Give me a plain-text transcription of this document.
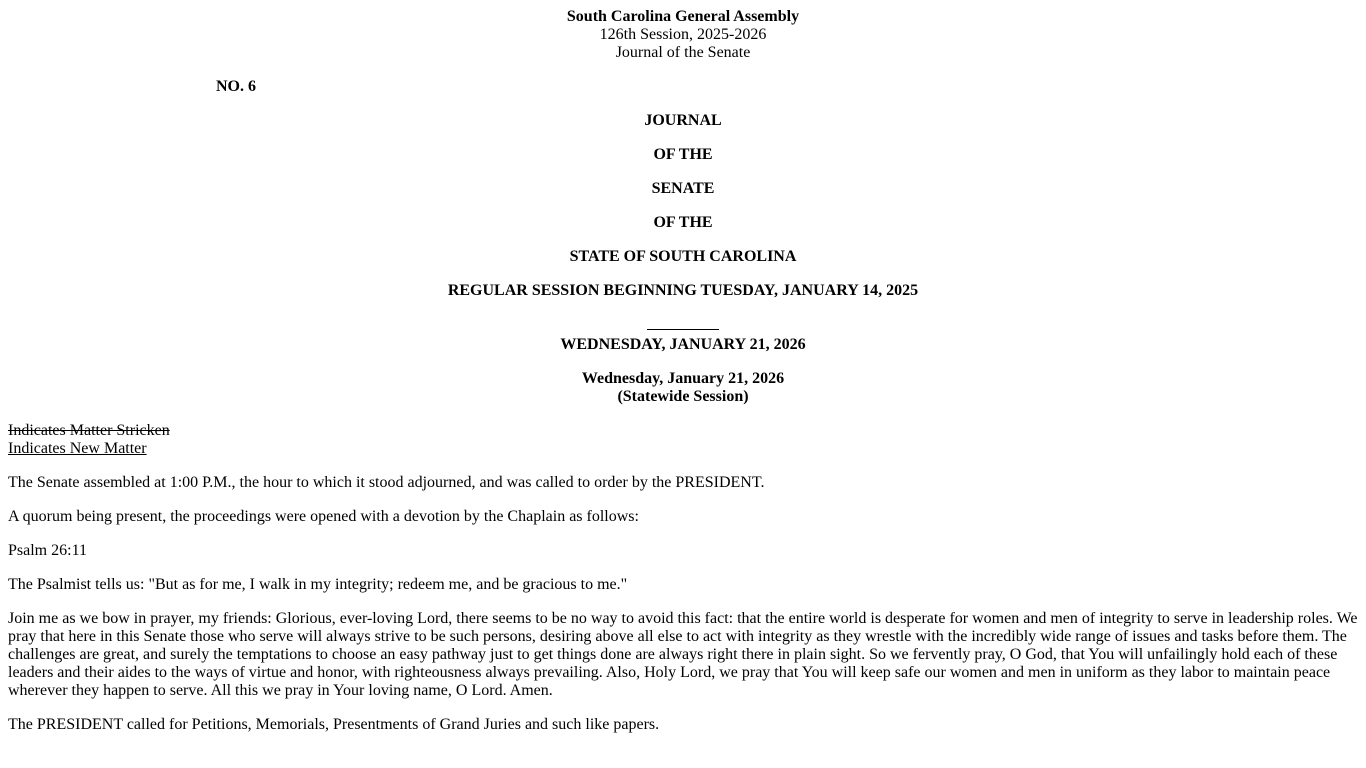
South Carolina General Assembly
126th Session, 2025-2026
Journal of the Senate
NO. 6
JOURNAL
OF THE
SENATE
OF THE
STATE OF SOUTH CAROLINA
REGULAR SESSION BEGINNING TUESDAY, JANUARY 14, 2025
WEDNESDAY, JANUARY 21, 2026
Wednesday, January 21, 2026
(Statewide Session)
Indicates Matter Stricken
Indicates New Matter

The Senate assembled at 1:00 P.M., the hour to which it stood adjourned, and was called to order by the PRESIDENT.

A quorum being present, the proceedings were opened with a devotion by the Chaplain as follows:

Psalm 26:11

The Psalmist tells us: "But as for me, I walk in my integrity; redeem me, and be gracious to me."

Join me as we bow in prayer, my friends: Glorious, ever-loving Lord, there seems to be no way to avoid this fact: that the entire world is desperate for women and men of integrity to serve in leadership roles. We pray that here in this Senate those who serve will always strive to be such persons, desiring above all else to act with integrity as they wrestle with the incredibly wide range of issues and tasks before them. The challenges are great, and surely the temptations to choose an easy pathway just to get things done are always right there in plain sight. So we fervently pray, O God, that You will unfailingly hold each of these leaders and their aides to the ways of virtue and honor, with righteousness always prevailing. Also, Holy Lord, we pray that You will keep safe our women and men in uniform as they labor to maintain peace wherever they happen to serve. All this we pray in Your loving name, O Lord. Amen.

The PRESIDENT called for Petitions, Memorials, Presentments of Grand Juries and such like papers.
